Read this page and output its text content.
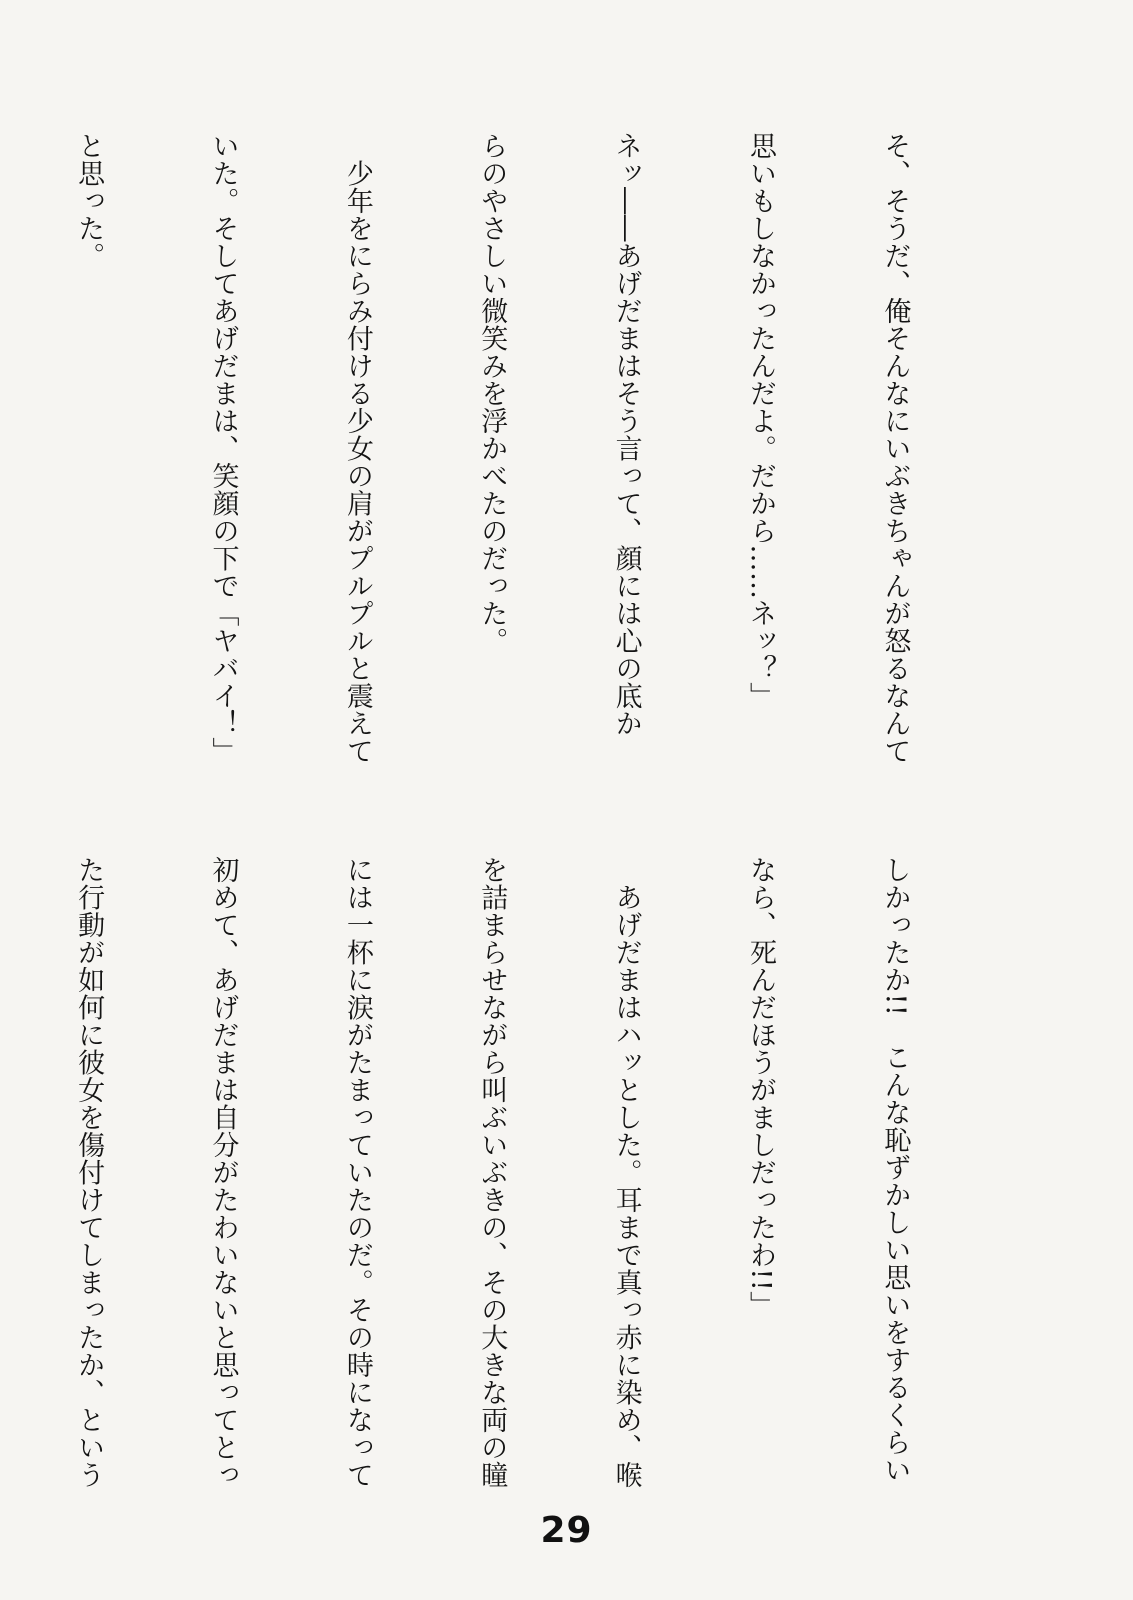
そ、そうだ、俺そんなにいぶきちゃんが怒るなんて

思いもしなかったんだよ。だから……ネッ？」

ネッ――あげだまはそう言って、顔には心の底か

らのやさしい微笑みを浮かべたのだった。

　少年をにらみ付ける少女の肩がプルプルと震えて

いた。そしてあげだまは、笑顔の下で「ヤバイ！」

と思った。

しかったか!!　こんな恥ずかしい思いをするくらい

なら、死んだほうがましだったわ!!」

　あげだまはハッとした。耳まで真っ赤に染め、喉

を詰まらせながら叫ぶいぶきの、その大きな両の瞳

には一杯に涙がたまっていたのだ。その時になって

初めて、あげだまは自分がたわいないと思ってとっ

た行動が如何に彼女を傷付けてしまったか、という

29
